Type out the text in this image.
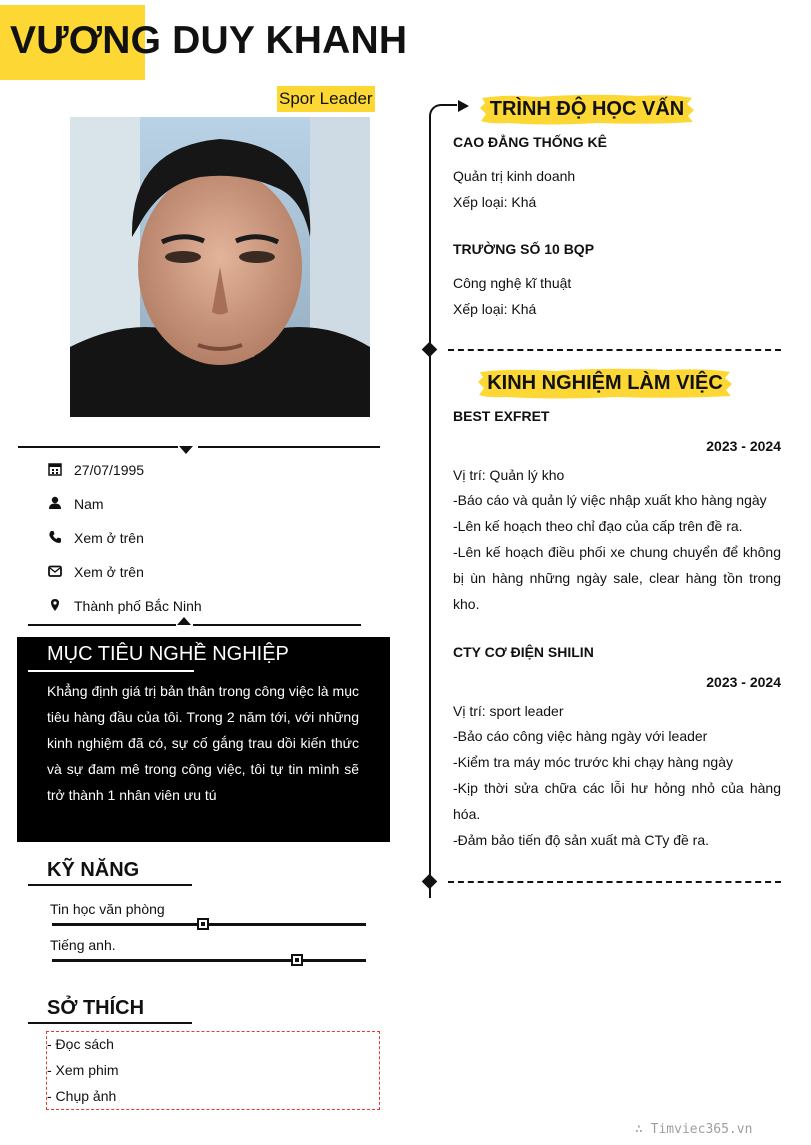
VƯƠNG DUY KHANH
Spor Leader
27/07/1995
Nam
Xem ở trên
Xem ở trên
Thành phố Bắc Ninh
MỤC TIÊU NGHỀ NGHIỆP
Khẳng định giá trị bản thân trong công việc là mục tiêu hàng đầu của tôi. Trong 2 năm tới, với những kinh nghiệm đã có, sự cố gắng trau dồi kiến thức và sự đam mê trong công việc, tôi tự tin mình sẽ trở thành 1 nhân viên ưu tú
KỸ NĂNG
Tin học văn phòng
Tiếng anh.
SỞ THÍCH
- Đọc sách
- Xem phim
- Chụp ảnh
TRÌNH ĐỘ HỌC VẤN
CAO ĐẲNG THỐNG KÊ
Quản trị kinh doanh
Xếp loại: Khá
TRƯỜNG SỐ 10 BQP
Công nghệ kĩ thuật
Xếp loại: Khá
KINH NGHIỆM LÀM VIỆC
BEST EXFRET
2023 - 2024
Vị trí: Quản lý kho
-Báo cáo và quản lý việc nhập xuất kho hàng ngày
-Lên kế hoạch theo chỉ đạo của cấp trên đề ra.
-Lên kế hoạch điều phối xe chung chuyển để không bị ùn hàng những ngày sale, clear hàng tồn trong kho.
CTY CƠ ĐIỆN SHILIN
2023 - 2024
Vị trí: sport leader
-Bảo cáo công việc hàng ngày với leader
-Kiểm tra máy móc trước khi chạy hàng ngày
-Kịp thời sửa chữa các lỗi hư hỏng nhỏ của hàng hóa.
-Đảm bảo tiến độ sản xuất mà CTy đề ra.
∴ Timviec365.vn
